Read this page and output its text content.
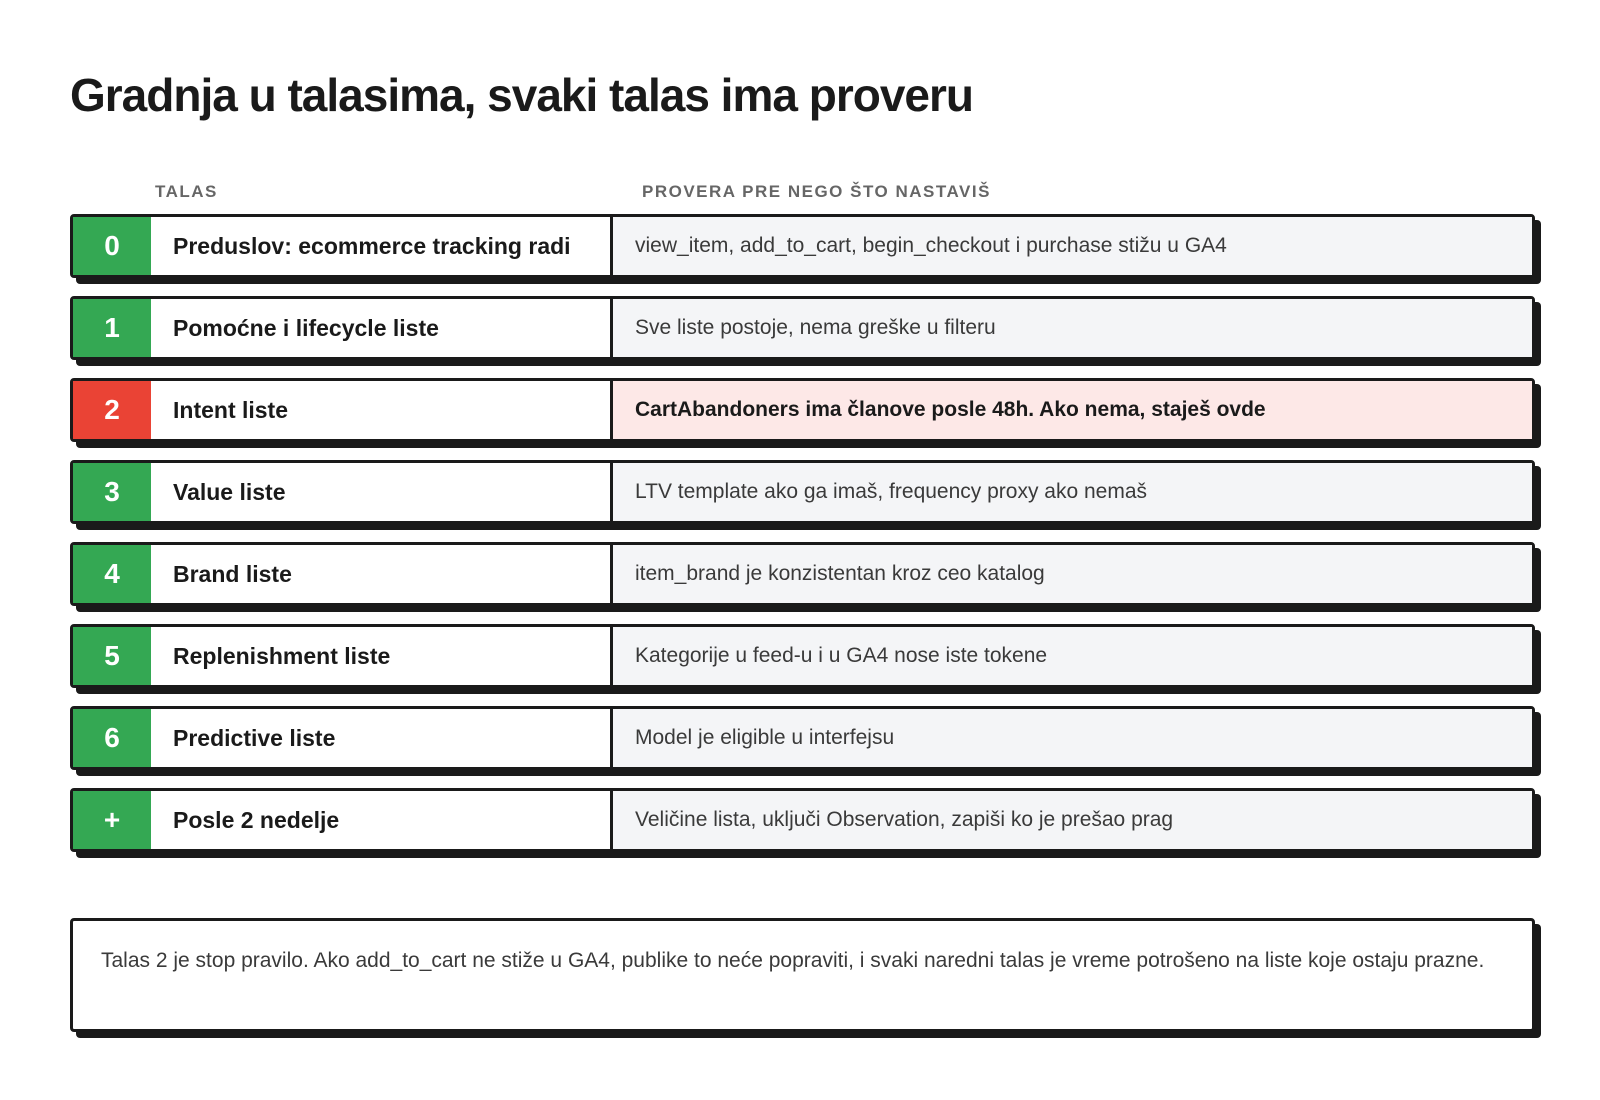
Gradnja u talasima, svaki talas ima proveru
TALAS	PROVERA PRE NEGO ŠTO NASTAVIŠ
0	Preduslov: ecommerce tracking radi	view_item, add_to_cart, begin_checkout i purchase stižu u GA4
1	Pomoćne i lifecycle liste	Sve liste postoje, nema greške u filteru
2	Intent liste	CartAbandoners ima članove posle 48h. Ako nema, staješ ovde
3	Value liste	LTV template ako ga imaš, frequency proxy ako nemaš
4	Brand liste	item_brand je konzistentan kroz ceo katalog
5	Replenishment liste	Kategorije u feed-u i u GA4 nose iste tokene
6	Predictive liste	Model je eligible u interfejsu
+	Posle 2 nedelje	Veličine lista, uključi Observation, zapiši ko je prešao prag
Talas 2 je stop pravilo. Ako add_to_cart ne stiže u GA4, publike to neće popraviti, i svaki naredni talas je vreme potrošeno na liste koje ostaju prazne.
